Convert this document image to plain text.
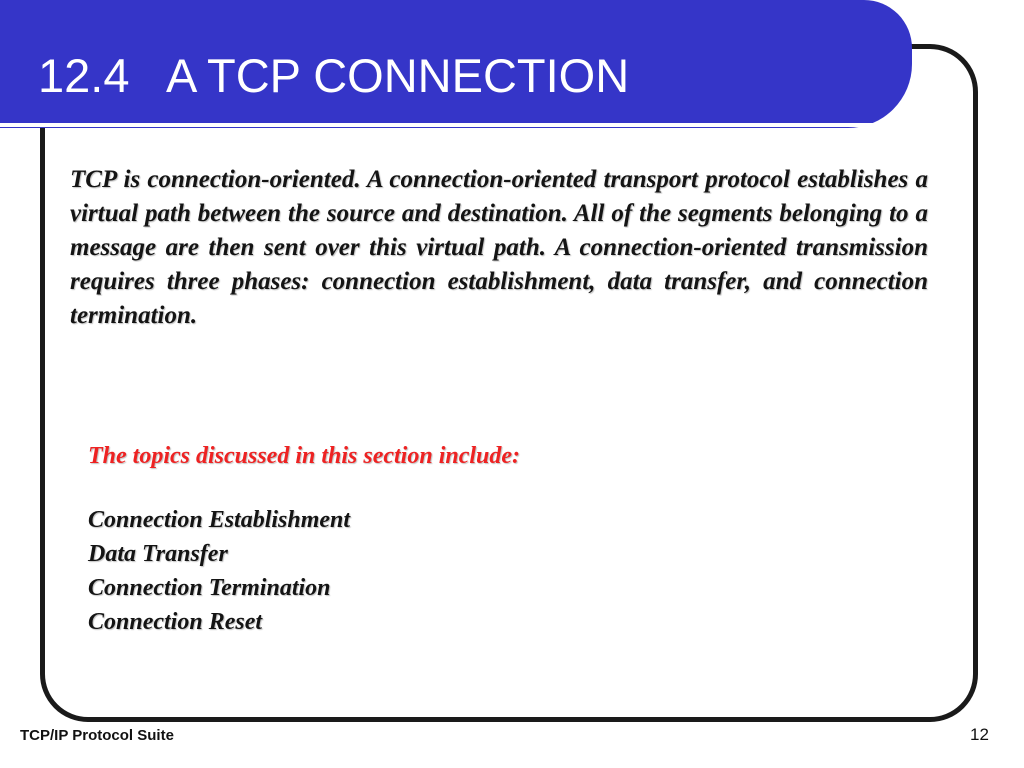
12.4   A TCP CONNECTION

TCP is connection-oriented. A connection-oriented transport protocol establishes a virtual path between the source and destination. All of the segments belonging to a message are then sent over this virtual path. A connection-oriented transmission requires three phases: connection establishment, data transfer, and connection termination.

The topics discussed in this section include:

Connection Establishment
Data Transfer
Connection Termination
Connection Reset
TCP/IP Protocol Suite	12
